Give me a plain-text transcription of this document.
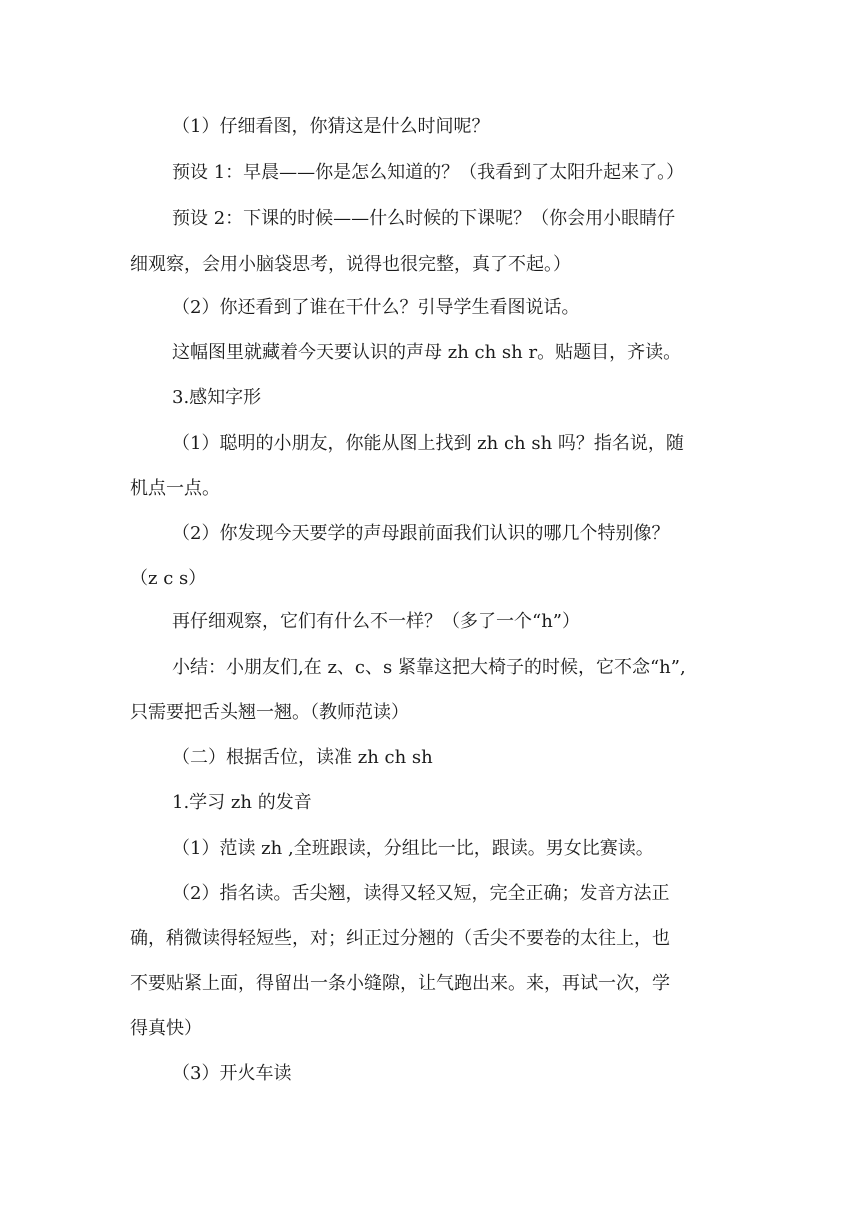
（1）仔细看图，你猜这是什么时间呢？
预设 1：早晨——你是怎么知道的？（我看到了太阳升起来了。）
预设 2：下课的时候——什么时候的下课呢？（你会用小眼睛仔
细观察，会用小脑袋思考，说得也很完整，真了不起。）
（2）你还看到了谁在干什么？引导学生看图说话。
这幅图里就藏着今天要认识的声母 zh ch sh r。贴题目，齐读。
3.感知字形
（1）聪明的小朋友，你能从图上找到 zh ch sh 吗？指名说，随
机点一点。
（2）你发现今天要学的声母跟前面我们认识的哪几个特别像？
（z c s）
再仔细观察，它们有什么不一样？（多了一个“h”）
小结：小朋友们,在 z、c、s 紧靠这把大椅子的时候，它不念“h”,
只需要把舌头翘一翘。（教师范读）
（二）根据舌位，读准 zh ch sh
1.学习 zh 的发音
（1）范读 zh ,全班跟读，分组比一比，跟读。男女比赛读。
（2）指名读。舌尖翘，读得又轻又短，完全正确；发音方法正
确，稍微读得轻短些，对；纠正过分翘的（舌尖不要卷的太往上，也
不要贴紧上面，得留出一条小缝隙，让气跑出来。来，再试一次，学
得真快）
（3）开火车读
